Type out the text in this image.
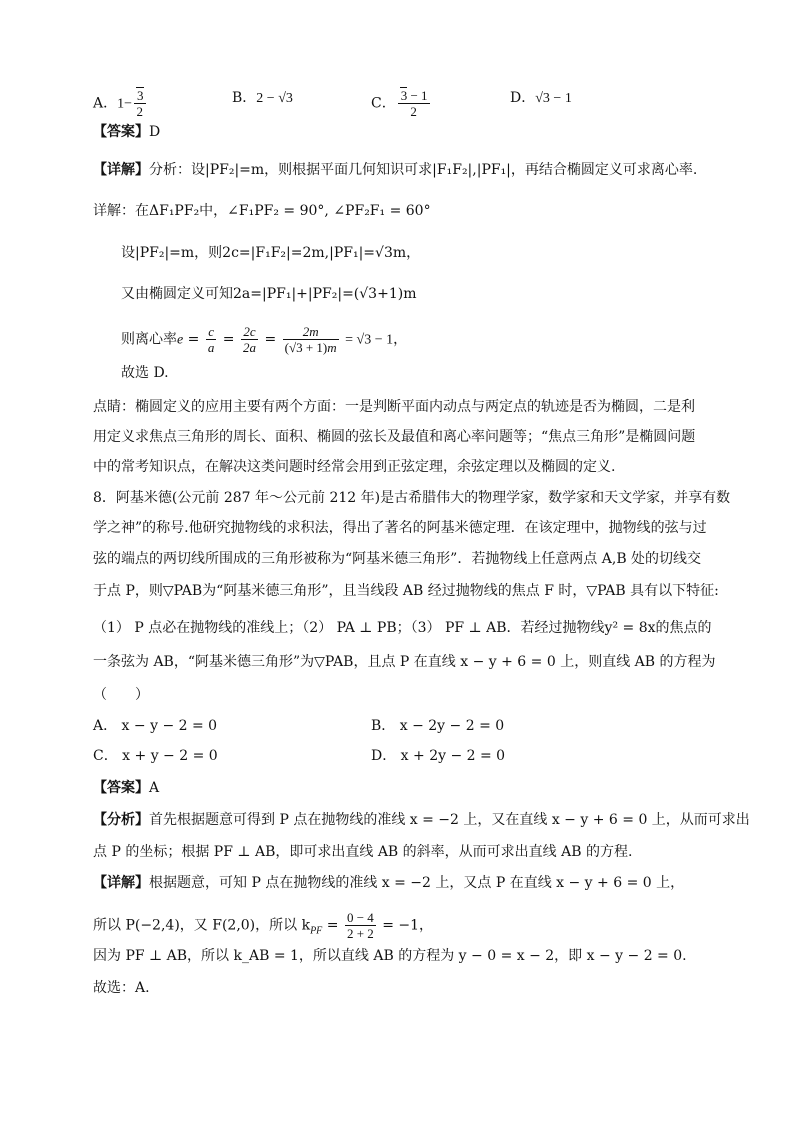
A．$1- \frac{3}{2}$	B．2 − √3	C． $\frac{3 - 1}{2}$	D．√3 − 1
【答案】D
【详解】分析：设|PF₂|=m，则根据平面几何知识可求|F₁F₂|,|PF₁|，再结合椭圆定义可求离心率.
详解：在ΔF₁PF₂中，∠F₁PF₂ = 90°, ∠PF₂F₁ = 60°
设|PF₂|=m，则2c=|F₁F₂|=2m,|PF₁|=√3m，
又由椭圆定义可知2a=|PF₁|+|PF₂|=(√3+1)m
则离心率$e = \frac{c}{a} = \frac{2c}{2a} = \frac{2m}{(√3 + 1)m} = √3 - 1$，
故选 D.
点睛：椭圆定义的应用主要有两个方面：一是判断平面内动点与两定点的轨迹是否为椭圆，二是利
用定义求焦点三角形的周长、面积、椭圆的弦长及最值和离心率问题等；“焦点三角形”是椭圆问题
中的常考知识点，在解决这类问题时经常会用到正弦定理，余弦定理以及椭圆的定义.
8．阿基米德(公元前 287 年～公元前 212 年)是古希腊伟大的物理学家，数学家和天文学家，并享有数
学之神”的称号.他研究抛物线的求积法，得出了著名的阿基米德定理．在该定理中，抛物线的弦与过
弦的端点的两切线所围成的三角形被称为“阿基米德三角形”．若抛物线上任意两点 A,B 处的切线交
于点 P，则▽PAB为“阿基米德三角形”，且当线段 AB 经过抛物线的焦点 F 时，▽PAB 具有以下特征:
（1） P 点必在抛物线的准线上；（2） PA ⊥ PB；（3） PF ⊥ AB．若经过抛物线y² = 8x的焦点的
一条弦为 AB，“阿基米德三角形”为▽PAB，且点 P 在直线 x − y + 6 = 0 上，则直线 AB 的方程为
（　　）
A． x − y − 2 = 0	B． x − 2y − 2 = 0
C． x + y − 2 = 0	D． x + 2y − 2 = 0
【答案】A
【分析】首先根据题意可得到 P 点在抛物线的准线 x = −2 上，又在直线 x − y + 6 = 0 上，从而可求出
点 P 的坐标；根据 PF ⊥ AB，即可求出直线 AB 的斜率，从而可求出直线 AB 的方程.
【详解】根据题意，可知 P 点在抛物线的准线 x = −2 上，又点 P 在直线 x − y + 6 = 0 上，
所以 P(−2,4)，又 F(2,0)，所以 $k_{PF} = \frac{0 - 4}{2 + 2} = -1$，
因为 PF ⊥ AB，所以 k_AB = 1，所以直线 AB 的方程为 y − 0 = x − 2，即 x − y − 2 = 0.
故选：A.
